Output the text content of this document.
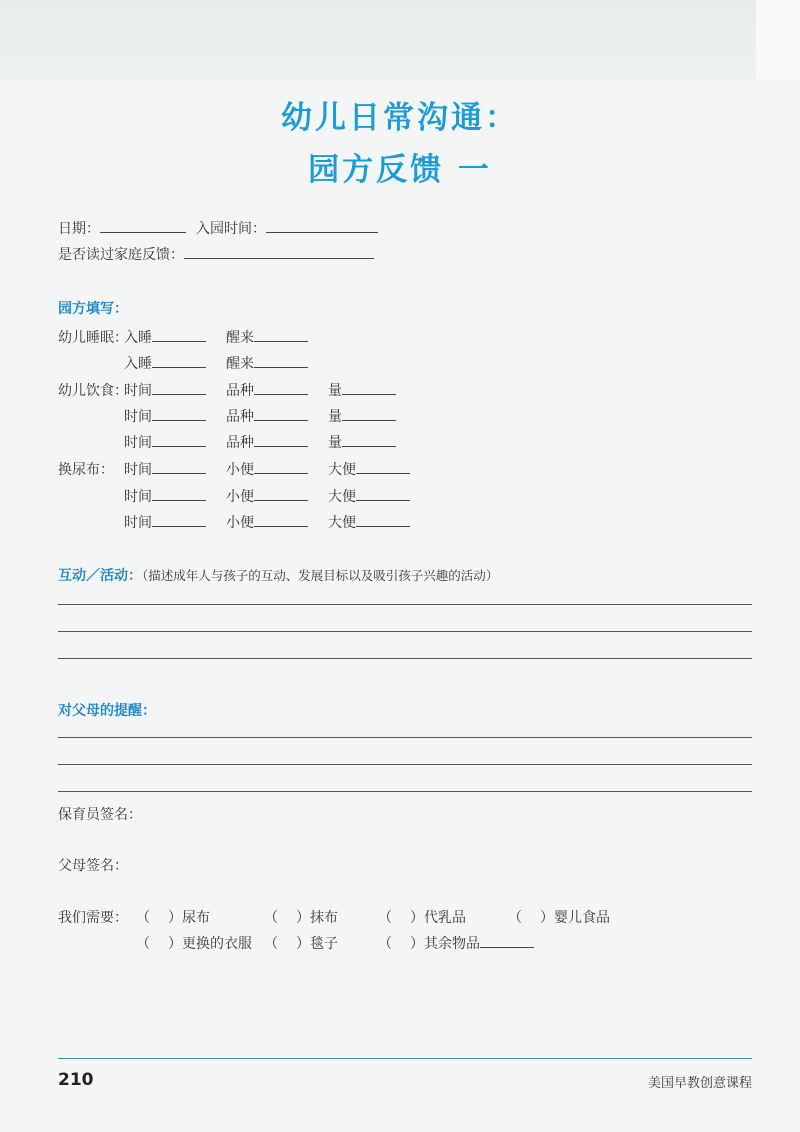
幼儿日常沟通：
园方反馈 一
日期：	入园时间：
是否读过家庭反馈：
园方填写：
幼儿睡眠：
入睡	醒来
入睡	醒来
幼儿饮食：
时间	品种	量
时间	品种	量
时间	品种	量
换尿布： 时间	小便	大便
时间	小便	大便
时间	小便	大便
互动／活动：（描述成年人与孩子的互动、发展目标以及吸引孩子兴趣的活动）
对父母的提醒：
保育员签名：
父母签名：
我们需要： （ ）尿布	（ ）抹布	（ ）代乳品	（ ）婴儿食品
（ ）更换的衣服 （ ）毯子	（ ）其余物品
210	美国早教创意课程
